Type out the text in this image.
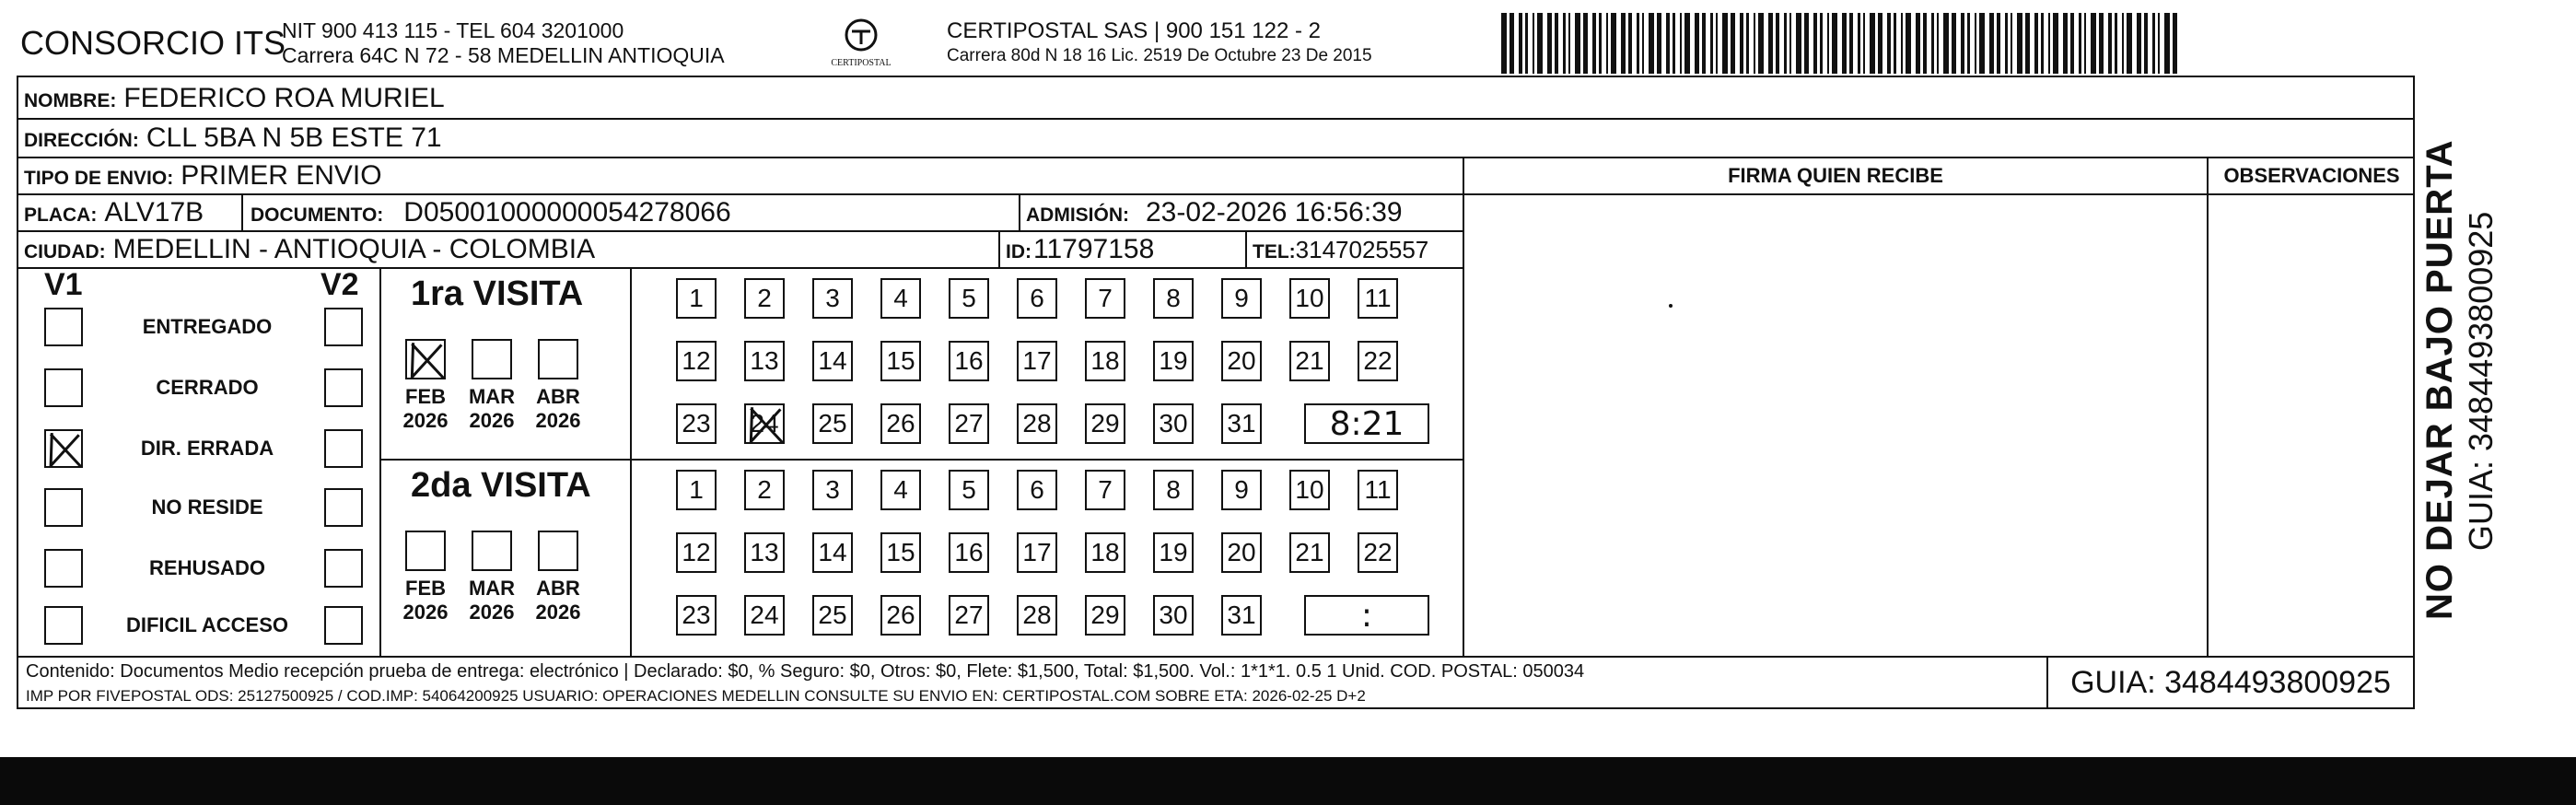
CONSORCIO ITS
NIT 900 413 115 - TEL 604 3201000
Carrera 64C N 72 - 58 MEDELLIN ANTIOQUIA	CERTIPOSTAL
CERTIPOSTAL SAS | 900 151 122 - 2
Carrera 80d N 18 16 Lic. 2519 De Octubre 23 De 2015
NOMBRE: FEDERICO ROA MURIEL
DIRECCIÓN: CLL 5BA N 5B ESTE 71
TIPO DE ENVIO: PRIMER ENVIO
PLACA: ALV17B DOCUMENTO: D05001000000054278066	ADMISIÓN: 23-02-2026 16:56:39
CIUDAD: MEDELLIN - ANTIOQUIA - COLOMBIA	ID: 11797158	TEL: 3147025557
FIRMA QUIEN RECIBE	OBSERVACIONES
V1	V2
ENTREGADO
CERRADO
DIR. ERRADA
NO RESIDE
REHUSADO
DIFICIL ACCESO
1ra VISITA
FEB
2026
MAR
2026
ABR
2026
1	2	3	4	5	6	7	8	9	10 11
12 13 14 15 16 17 18 19 20 21 22
23 24 25 26 27 28 29 30 31	8:21
2da VISITA
FEB
2026
MAR
2026
ABR
2026
1	2	3	4	5	6	7	8	9	10 11
12 13 14 15 16 17 18 19 20 21 22
23 24 25 26 27 28 29 30 31	:
Contenido: Documentos Medio recepción prueba de entrega: electrónico | Declarado: $0, % Seguro: $0, Otros: $0, Flete: $1,500, Total: $1,500. Vol.: 1*1*1. 0.5 1 Unid. COD. POSTAL: 050034
IMP POR FIVEPOSTAL ODS: 25127500925 / COD.IMP: 54064200925 USUARIO: OPERACIONES MEDELLIN CONSULTE SU ENVIO EN: CERTIPOSTAL.COM SOBRE ETA: 2026-02-25 D+2	GUIA: 3484493800925
NO DEJAR BAJO PUERTA GUIA: 3484493800925
